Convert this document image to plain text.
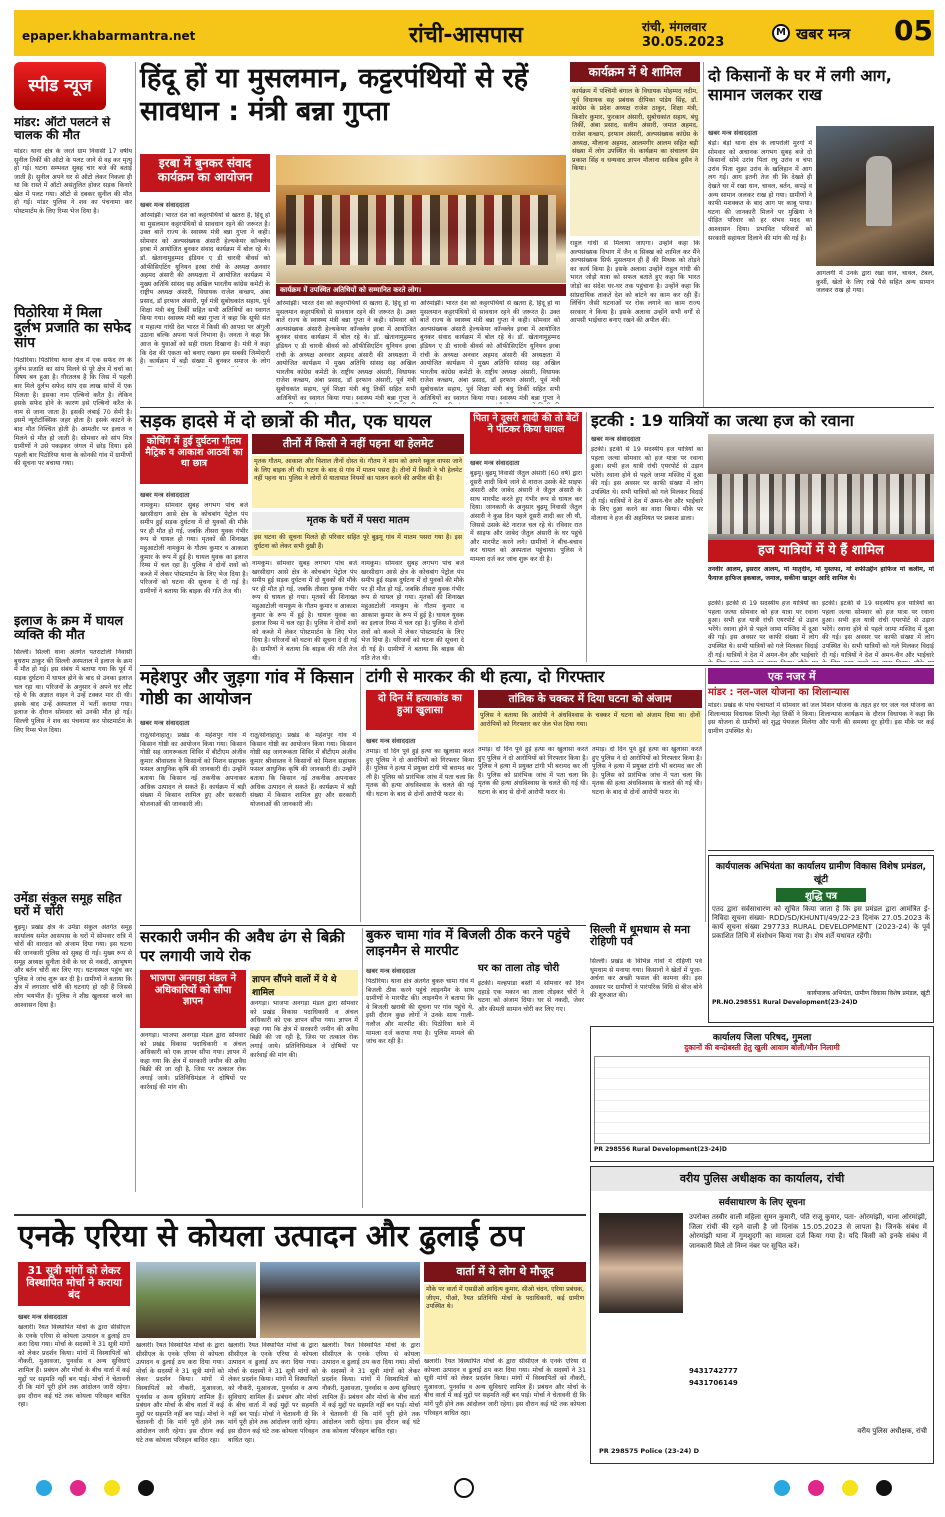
epaper.khabarmantra.net	रांची-आसपास	रांची, मंगलवार
30.05.2023
M खबर मन्त्र 05
स्पीड न्यूज
मांडर: ऑटो पलटने से चालक की मौत
मांडर। थाना क्षेत्र के जरते ग्राम निवासी 17 वर्षीय सुनील तिर्की की ऑटो के पलट जाने से वह कर मृत्यु हो गई। घटना सम्भवत सुबह चार बजे की बताई जाती है। सुनील अपने घर से ऑटो लेकर निकला ही था कि रास्ते में ऑटो असंतुलित होकर सड़क किनारे खेत में पलट गया। ऑटो से दबकर सुनील की मौत हो गई। मांडर पुलिस ने शव का पंचनामा कर पोस्टमार्टम के लिए रिम्स भेज दिया है।
पिठोरिया में मिला दुर्लभ प्रजाति का सफेद सांप
पिठोरिया। पिठोरिया थाना क्षेत्र में एक सफेद रंग के दुर्लभ प्रजाति का सांप मिलने से पूरे क्षेत्र में चर्चा का विषय बन हुआ है। गौरतलब है कि जिस में पहली बार मिले दुर्लभ सफेद सांप दस लाख सांपों में एक मिलता है। इसका नाम एल्बिनो करैत है। लेकिन इसके सफेद होने के कारण इसे एल्बिनो करैत के नाम से जाना जाता है। इसकी लंबाई 70 सेमी है। इसमें न्यूरोटॉक्सिक जहर होता है। इसके काटने के बाद मौत निश्चित होती है। आमतौर पर इलाज न मिलने से मौत हो जाती है। सोमवार को सांप मित्र ग्रामीणों ने उसे पकड़कर जंगल में छोड़ दिया। इसे पहली बार पिठोरिया थाना के कोनकी गांव में ग्रामीणों की सूचना पर बचाया गया।
इलाज के क्रम में घायल व्यक्ति की मौत
सिल्ली। सिल्ली थाना अंतर्गत पतराटोली निवासी बुधराम ठाकुर की सिल्ली अस्पताल में इलाज के क्रम में मौत हो गई। इस संबंध में बताया गया कि पूर्व में सड़क दुर्घटना में घायल होने के बाद से उनका इलाज चल रहा था। परिजनों के अनुसार वे अपने घर लौट रहे थे कि अज्ञात वाहन ने उन्हें टक्कर मार दी थी। इसके बाद उन्हें अस्पताल में भर्ती कराया गया। इलाज के दौरान सोमवार को उनकी मौत हो गई। सिल्ली पुलिस ने शव का पंचनामा कर पोस्टमार्टम के लिए रिम्स भेज दिया।
उमेंडा संकुल समूह सहित घरों में चोरी
बुढ़मू। प्रखंड क्षेत्र के उमेंडा संकुल अंतर्गत समूह कार्यालय समेत आसपास के घरों में सोमवार रात्रि में चोरों की वारदात को अंजाम दिया गया। इस घटना की जानकारी पुलिस को सुबह दी गई। मुख्य रूप से समूह अध्यक्ष सुनीता देवी के घर से नकदी, आभूषण और बर्तन चोरी कर लिए गए। घटनास्थल पहुंच कर पुलिस ने जांच शुरू कर दी है। ग्रामीणों ने बताया कि क्षेत्र में लगातार चोरी की घटनाएं हो रही हैं जिससे लोग भयभीत हैं। पुलिस ने शीघ्र खुलासा करने का आश्वासन दिया है।
हिंदू हों या मुसलमान, कट्टरपंथियों से रहें सावधान : मंत्री बन्ना गुप्ता
इरबा में बुनकर संवाद कार्यक्रम का आयोजन
खबर मन्त्र संवाददाता
ओरमांझी। भारत देश को कट्टरपंथियों से खतरा है, हिंदू हो या मुसलमान कट्टरपंथियों से सावधान रहने की जरूरत है। उक्त बातें राज्य के स्वास्थ्य मंत्री बन्ना गुप्ता ने कही। सोमवार को अल्पसंख्यक अंसारी हेल्थकेयर कॉन्क्लेव इरबा में आयोजित बुनकर संवाद कार्यक्रम में बोल रहे थे। डॉ. खेतानामुहम्मद इंडियन ए डी चारवी बीवर्स को ऑफीसिएटिंग यूनियन इरबा रांची के अध्यक्ष अनवार अहमद अंसारी की अध्यक्षता में आयोजित कार्यक्रम में मुख्य अतिथि सांसद सह अखिल भारतीय कांग्रेस कमेटी के राष्ट्रीय अध्यक्ष अंसारी, विधायक राजेश कच्छप, अंबा प्रसाद, डॉ इरफान अंसारी, पूर्व मंत्री सुबोधकांत सहाय, पूर्व शिक्षा मंत्री बंधु तिर्की सहित सभी अतिथियों का स्वागत किया गया। स्वास्थ्य मंत्री बन्ना गुप्ता ने कहा कि सूफी संत व महात्मा गांधी देश भारत में किसी की आपदा पर अंगुली उठाना बल्कि अपना फर्ज निभाना है। जनता ने कहा कि आज के युवाओं को सही रास्ता दिखाना है। मंत्री ने कहा कि देश की एकता को बनाए रखना हम सबकी जिम्मेदारी है। कार्यक्रम में बड़ी संख्या में बुनकर समाज के लोग
कार्यक्रम में उपस्थित अतिथियों को सम्मानित करते लोग।
ओरमांझी। भारत देश को कट्टरपंथियों से खतरा है, हिंदू हो या मुसलमान कट्टरपंथियों से सावधान रहने की जरूरत है। उक्त बातें राज्य के स्वास्थ्य मंत्री बन्ना गुप्ता ने कही। सोमवार को अल्पसंख्यक अंसारी हेल्थकेयर कॉन्क्लेव इरबा में आयोजित बुनकर संवाद कार्यक्रम में बोल रहे थे। डॉ. खेतानामुहम्मद इंडियन ए डी चारवी बीवर्स को ऑफीसिएटिंग यूनियन इरबा रांची के अध्यक्ष अनवार अहमद अंसारी की अध्यक्षता में आयोजित कार्यक्रम में मुख्य अतिथि सांसद सह अखिल भारतीय कांग्रेस कमेटी के राष्ट्रीय अध्यक्ष अंसारी, विधायक राजेश कच्छप, अंबा प्रसाद, डॉ इरफान अंसारी, पूर्व मंत्री सुबोधकांत सहाय, पूर्व शिक्षा मंत्री बंधु तिर्की सहित सभी अतिथियों का स्वागत किया गया। स्वास्थ्य मंत्री बन्ना गुप्ता ने
ओरमांझी। भारत देश को कट्टरपंथियों से खतरा है, हिंदू हो या मुसलमान कट्टरपंथियों से सावधान रहने की जरूरत है। उक्त बातें राज्य के स्वास्थ्य मंत्री बन्ना गुप्ता ने कही। सोमवार को अल्पसंख्यक अंसारी हेल्थकेयर कॉन्क्लेव इरबा में आयोजित बुनकर संवाद कार्यक्रम में बोल रहे थे। डॉ. खेतानामुहम्मद इंडियन ए डी चारवी बीवर्स को ऑफीसिएटिंग यूनियन इरबा रांची के अध्यक्ष अनवार अहमद अंसारी की अध्यक्षता में आयोजित कार्यक्रम में मुख्य अतिथि सांसद सह अखिल भारतीय कांग्रेस कमेटी के राष्ट्रीय अध्यक्ष अंसारी, विधायक राजेश कच्छप, अंबा प्रसाद, डॉ इरफान अंसारी, पूर्व मंत्री सुबोधकांत सहाय, पूर्व शिक्षा मंत्री बंधु तिर्की सहित सभी अतिथियों का स्वागत किया गया। स्वास्थ्य मंत्री बन्ना गुप्ता ने
कार्यक्रम में थे शामिल
कार्यक्रम में पश्चिमी बंगाल के विधायक मोहम्मद नदीम, पूर्व विधायक सह प्रबंधक दीपिका पांडेय सिंह, डॉ. कांग्रेस के प्रदेश अध्यक्ष राजेश ठाकुर, शिक्षा मंत्री, किशोर कुमार, फुरकान अंसारी, सुबोधकांत सहाय, बंधु तिर्की, अंबा प्रसाद, सलीम अंसारी, जमात अहमद, राजेश कच्छप, इरफान अंसारी, अल्पसंख्यक कांग्रेस के अध्यक्ष, मौलाना अहमद, आलमगीर आलम सहित बड़ी संख्या में लोग उपस्थित थे। कार्यक्रम का संचालन प्रेम प्रकाश सिंह व धन्यवाद ज्ञापन मौलाना साकिब हुसैन ने किया।
राहुल गांधी से मिलाया जाएगा। उन्होंने कहा कि अल्पसंख्यक विभाग में जैन व सिक्ख को शामिल कर मैंने अल्पसंख्यक सिर्फ मुसलमान ही हैं की मिथक को तोड़ने का कार्य किया है। इसके अलावा उन्होंने राहुल गांधी की भारत जोड़ो यात्रा को सफल बताते हुए कहा कि भारत जोड़ो का संदेश घर-घर तक पहुंचाना है। उन्होंने कहा कि सांप्रदायिक ताकतें देश को बांटने का काम कर रही हैं। लिंचिंग जैसी घटनाओं पर रोक लगाने का काम राज्य सरकार ने किया है। इसके अलावा उन्होंने सभी वर्गों से आपसी भाईचारा बनाए रखने की अपील की।
दो किसानों के घर में लगी आग, सामान जलकर राख
खबर मन्त्र संवाददाता
बेड़ो। बेड़ो थाना क्षेत्र के लापरोली मुरगो में सोमवार को अचानक लगभग सुबह बजे दो किसानों सोमे उरांव पिता रघु उरांव व चंपा उरांव पिता शुक्रा उरांव के खलिहान में आग लग गई। आग इतनी तेज थी कि देखते ही देखते घर में रखा धान, चावल, बर्तन, कपड़े व अन्य सामान जलकर राख हो गया। ग्रामीणों ने काफी मशक्कत के बाद आग पर काबू पाया। घटना की जानकारी मिलने पर मुखिया ने पीड़ित परिवार को हर संभव मदद का आश्वासन दिया। प्रभावित परिवारों को सरकारी सहायता दिलाने की मांग की गई है।
आगलगी में उनके द्वारा रखा धान, चावल, टेबल, कुर्सी, खेतो के लिए रखे पैसे सहित अन्य सामान जलकर राख हो गया।
सड़क हादसे में दो छात्रों की मौत, एक घायल
कोचिंग में हुई दुर्घटना गौतम मैट्रिक व आकाश आठवीं का था छात्र
खबर मन्त्र संवाददाता
नामकुम। सोमवार सुबह लगभग पांच बजे खरसीदाग आसे क्षेत्र के कोचबांग पेट्रोल पंप समीप हुई सड़क दुर्घटना में दो युवकों की मौके पर ही मौत हो गई, जबकि तीसरा युवक गंभीर रूप से घायल हो गया। मृतकों की शिनाख्त महुआटोली नामकुम के गौतम कुमार व आकाश कुमार के रूप में हुई है। घायल युवक का इलाज रिम्स में चल रहा है। पुलिस ने दोनों शवों को कब्जे में लेकर पोस्टमार्टम के लिए भेज दिया है। परिजनों को घटना की सूचना दे दी गई है। ग्रामीणों ने बताया कि बाइक की गति तेज थी।
तीनों में किसी ने नहीं पहना था हेलमेट
मृतक गौतम, आकाश और विशाल तीनों दोस्त थे। गौतम ने शाम को अपने स्कूल वापस जाने के लिए बाइक ली थी। घटना के बाद से गांव में मातम पसरा है। तीनों में किसी ने भी हेलमेट नहीं पहना था। पुलिस ने लोगों से यातायात नियमों का पालन करने की अपील की है।
मृतक के घरों में पसरा मातम
इस घटना की सूचना मिलते ही परिवार सहित पूरे बुढ़मू गांव में मातम पसरा गया है। इस दुर्घटना को लेकर सभी दुखी हैं।
नामकुम। सोमवार सुबह लगभग पांच बजे खरसीदाग आसे क्षेत्र के कोचबांग पेट्रोल पंप समीप हुई सड़क दुर्घटना में दो युवकों की मौके पर ही मौत हो गई, जबकि तीसरा युवक गंभीर रूप से घायल हो गया। मृतकों की शिनाख्त महुआटोली नामकुम के गौतम कुमार व आकाश कुमार के रूप में हुई है। घायल युवक का इलाज रिम्स में चल रहा है। पुलिस ने दोनों शवों को कब्जे में लेकर पोस्टमार्टम के लिए भेज दिया है। परिजनों को घटना की सूचना दे दी गई है। ग्रामीणों ने बताया कि बाइक की गति तेज थी।
नामकुम। सोमवार सुबह लगभग पांच बजे खरसीदाग आसे क्षेत्र के कोचबांग पेट्रोल पंप समीप हुई सड़क दुर्घटना में दो युवकों की मौके पर ही मौत हो गई, जबकि तीसरा युवक गंभीर रूप से घायल हो गया। मृतकों की शिनाख्त महुआटोली नामकुम के गौतम कुमार व आकाश कुमार के रूप में हुई है। घायल युवक का इलाज रिम्स में चल रहा है। पुलिस ने दोनों शवों को कब्जे में लेकर पोस्टमार्टम के लिए भेज दिया है। परिजनों को घटना की सूचना दे दी गई है। ग्रामीणों ने बताया कि बाइक की गति तेज थी।
पिता ने दूसरी शादी की तो बेटों ने पीटकर किया घायल
खबर मन्त्र संवाददाता
बुढ़मू। बुढ़मू निवासी जैतुल अंसारी (60 वर्ष) द्वारा दूसरी शादी किये जाने से नाराज उसके बेटे साइफ अंसारी और जाबेद अंसारी ने जैतुल अंसारी के साथ मारपीट करते हुए गंभीर रूप से घायल कर दिया। जानकारी के अनुसार बुढ़मू निवासी जैतुल अंसारी ने कुछ दिन पहले दूसरी शादी कर ली थी, जिससे उसके बेटे नाराज चल रहे थे। रविवार रात में साइफ और जाबेद जैतुल अंसारी के घर पहुंचे और मारपीट करने लगे। ग्रामीणों ने बीच-बचाव कर घायल को अस्पताल पहुंचाया। पुलिस ने मामला दर्ज कर जांच शुरू कर दी है।
इटकी : 19 यात्रियों का जत्था हज को रवाना
खबर मन्त्र संवाददाता
इटकी। इटकी से 19 सदस्यीय हज यात्रियों का पहला जत्था सोमवार को हज यात्रा पर रवाना हुआ। सभी हज यात्री रांची एयरपोर्ट से उड़ान भरेंगे। रवाना होने से पहले जामा मस्जिद में दुआ की गई। इस अवसर पर काफी संख्या में लोग उपस्थित थे। सभी यात्रियों को गले मिलकर विदाई दी गई। यात्रियों ने देश में अमन-चैन और भाईचारे के लिए दुआ करने का वादा किया। मौके पर मौलाना ने हज की अहमियत पर प्रकाश डाला।
हज यात्रियों में ये हैं शामिल
तनवीर आलम, इसरार आलम, मो मातृदीन, मो मुस्तफा, मो शफीउद्दीन हाफिज मो कलीम, मो फैयाज हाफिज इकबाल, जमाल, सकीना खातून आदि शामिल थे।
इटकी। इटकी से 19 सदस्यीय हज यात्रियों का पहला जत्था सोमवार को हज यात्रा पर रवाना हुआ। सभी हज यात्री रांची एयरपोर्ट से उड़ान भरेंगे। रवाना होने से पहले जामा मस्जिद में दुआ की गई। इस अवसर पर काफी संख्या में लोग उपस्थित थे। सभी यात्रियों को गले मिलकर विदाई दी गई। यात्रियों ने देश में अमन-चैन और भाईचारे
इटकी। इटकी से 19 सदस्यीय हज यात्रियों का पहला जत्था सोमवार को हज यात्रा पर रवाना हुआ। सभी हज यात्री रांची एयरपोर्ट से उड़ान भरेंगे। रवाना होने से पहले जामा मस्जिद में दुआ की गई। इस अवसर पर काफी संख्या में लोग उपस्थित थे। सभी यात्रियों को गले मिलकर विदाई दी गई। यात्रियों ने देश में अमन-चैन और भाईचारे
महेशपुर और जुड़गा गांव में किसान गोष्ठी का आयोजन
खबर मन्त्र संवाददाता
रातू/सोनाहातू। प्रखंड के महेशपुर गांव में किसान गोष्ठी का आयोजन किया गया। किसान गोष्ठी सह जागरूकता शिविर में बीटीएम अंजीव कुमार श्रीवास्तव ने किसानों को मिशन सहायक फसल आधुनिक कृषि की जानकारी दी। उन्होंने बताया कि किसान नई तकनीक अपनाकर अधिक उत्पादन ले सकते हैं। कार्यक्रम में बड़ी संख्या में किसान शामिल हुए और सरकारी योजनाओं की जानकारी ली।
रातू/सोनाहातू। प्रखंड के महेशपुर गांव में किसान गोष्ठी का आयोजन किया गया। किसान गोष्ठी सह जागरूकता शिविर में बीटीएम अंजीव कुमार श्रीवास्तव ने किसानों को मिशन सहायक फसल आधुनिक कृषि की जानकारी दी। उन्होंने बताया कि किसान नई तकनीक अपनाकर अधिक उत्पादन ले सकते हैं। कार्यक्रम में बड़ी संख्या में किसान शामिल हुए और सरकारी योजनाओं की जानकारी ली।
टांगी से मारकर की थी हत्या, दो गिरफ्तार
दो दिन में हत्याकांड का हुआ खुलासा
तांत्रिक के चक्कर में दिया घटना को अंजाम
पुलिस ने बताया कि आरोपी ने अंधविश्वास के चक्कर में घटना को अंजाम दिया था। दोनों आरोपियों को गिरफ्तार कर जेल भेज दिया गया।
खबर मन्त्र संवाददाता
तमाड़। दो दिन पूर्व हुई हत्या का खुलासा करते हुए पुलिस ने दो आरोपियों को गिरफ्तार किया है। पुलिस ने हत्या में प्रयुक्त टांगी भी बरामद कर ली है। पुलिस को प्रारंभिक जांच में पता चला कि मृतक की हत्या अंधविश्वास के चलते की गई थी। घटना के बाद से दोनों आरोपी फरार थे।
तमाड़। दो दिन पूर्व हुई हत्या का खुलासा करते हुए पुलिस ने दो आरोपियों को गिरफ्तार किया है। पुलिस ने हत्या में प्रयुक्त टांगी भी बरामद कर ली है। पुलिस को प्रारंभिक जांच में पता चला कि मृतक की हत्या अंधविश्वास के चलते की गई थी। घटना के बाद से दोनों आरोपी फरार थे।
तमाड़। दो दिन पूर्व हुई हत्या का खुलासा करते हुए पुलिस ने दो आरोपियों को गिरफ्तार किया है। पुलिस ने हत्या में प्रयुक्त टांगी भी बरामद कर ली है। पुलिस को प्रारंभिक जांच में पता चला कि मृतक की हत्या अंधविश्वास के चलते की गई थी। घटना के बाद से दोनों आरोपी फरार थे।
एक नजर में
मांडर : नल-जल योजना का शिलान्यास
मांडर। प्रखंड के पांच पंचायतों में सोमवार को जल मिशन योजना के तहत हर घर जल नल योजना का शिलान्यास विधायक शिल्पी नेहा तिर्की ने किया। शिलान्यास कार्यक्रम के दौरान विधायक ने कहा कि इस योजना से ग्रामीणों को शुद्ध पेयजल मिलेगा और पानी की समस्या दूर होगी। इस मौके पर कई ग्रामीण उपस्थित थे।
सिल्ली में धूमधाम से मना रोहिणी पर्व
सिल्ली। प्रखंड के विभिन्न गांवों में रोहिणी पर्व धूमधाम से मनाया गया। किसानों ने खेतों में पूजा-अर्चना कर अच्छी फसल की कामना की। इस अवसर पर ग्रामीणों ने पारंपरिक विधि से बीज बोने की शुरुआत की।
कार्यपालक अभियंता का कार्यालय ग्रामीण विकास विशेष प्रमंडल, खूंटी
शुद्धि पत्र
एतद द्वारा सर्वसाधारण को सूचित किया जाता है कि इस प्रमंडल द्वारा आमंत्रित ई-निविदा सूचना संख्या- RDD/SD/KHUNTI/49/22-23 दिनांक 27.05.2023 के कार्य सूचना संख्या 297733 RURAL DEVELOPMENT (2023-24) के पूर्व प्रकाशित तिथि में संशोधन किया गया है। शेष शर्तें यथावत रहेंगी।
कार्यपालक अभियंता, ग्रामीण विकास विशेष प्रमंडल, खूंटी
PR.NO.298551 Rural Development(23-24)D
सरकारी जमीन की अवैध ढंग से बिक्री पर लगायी जाये रोक
भाजपा अनगड़ा मंडल ने अधिकारियों को सौंपा ज्ञापन
ज्ञापन सौंपने वालों में ये थे शामिल
अनगड़ा। भाजपा अनगड़ा मंडल द्वारा सोमवार को प्रखंड विकास पदाधिकारी व अंचल अधिकारी को एक ज्ञापन सौंपा गया। ज्ञापन में कहा गया कि क्षेत्र में सरकारी जमीन की अवैध बिक्री की जा रही है, जिस पर तत्काल रोक लगाई जाये। प्रतिनिधिमंडल ने दोषियों पर कार्रवाई की मांग की।
अनगड़ा। भाजपा अनगड़ा मंडल द्वारा सोमवार को प्रखंड विकास पदाधिकारी व अंचल अधिकारी को एक ज्ञापन सौंपा गया। ज्ञापन में कहा गया कि क्षेत्र में सरकारी जमीन की अवैध बिक्री की जा रही है, जिस पर तत्काल रोक लगाई जाये। प्रतिनिधिमंडल ने दोषियों पर कार्रवाई की मांग की।
बुकरु चामा गांव में बिजली ठीक करने पहुंचे लाइनमैन से मारपीट
खबर मन्त्र संवाददाता
पिठोरिया। थाना क्षेत्र अंतर्गत बुकरु चामा गांव में बिजली ठीक करने पहुंचे लाइनमैन के साथ ग्रामीणों ने मारपीट की। लाइनमैन ने बताया कि वे बिजली खराबी की सूचना पर गांव पहुंचे थे, इसी दौरान कुछ लोगों ने उनके साथ गाली-गलौज और मारपीट की। पिठोरिया थाने में मामला दर्ज कराया गया है। पुलिस मामले की जांच कर रही है।
घर का ताला तोड़ चोरी
इटकी। मल्हपाडा बस्ती में सोमवार को दिन दहाड़े एक मकान का ताला तोड़कर चोरों ने घटना को अंजाम दिया। घर से नकदी, जेवर और कीमती सामान चोरी कर लिए गए।
कार्यालय जिला परिषद, गुमला
दुकानों की बन्दोबस्ती हेतु खुली आवाम बोली/मौन निलामी
PR 298556 Rural Development(23-24)D
एनके एरिया से कोयला उत्पादन और ढुलाई ठप
31 सूत्री मांगों को लेकर विस्थापित मोर्चा ने कराया बंद
खबर मन्त्र संवाददाता
खलारी। रैयत विस्थापित मोर्चा के द्वारा सीसीएल के एनके एरिया से कोयला उत्पादन व ढुलाई ठप करा दिया गया। मोर्चा के सदस्यों ने 31 सूत्री मांगों को लेकर प्रदर्शन किया। मांगों में विस्थापितों को नौकरी, मुआवजा, पुनर्वास व अन्य सुविधाएं शामिल हैं। प्रबंधन और मोर्चा के बीच वार्ता में कई मुद्दों पर सहमति नहीं बन पाई। मोर्चा ने चेतावनी दी कि मांगें पूरी होने तक आंदोलन जारी रहेगा। इस दौरान कई घंटे तक कोयला परिवहन बाधित रहा।
वार्ता में ये लोग थे मौजूद
मौके पर वार्ता में एसडीओ आदित्य कुमार, सीओ चंदन, एरिया प्रबंधक, जीएम, पीओ, रैयत प्रतिनिधि मोर्चा के पदाधिकारी, कई ग्रामीण उपस्थित थे।
खलारी। रैयत विस्थापित मोर्चा के द्वारा सीसीएल के एनके एरिया से कोयला उत्पादन व ढुलाई ठप करा दिया गया। मोर्चा के सदस्यों ने 31 सूत्री मांगों को लेकर प्रदर्शन किया। मांगों में विस्थापितों को नौकरी, मुआवजा, पुनर्वास व अन्य सुविधाएं शामिल हैं। प्रबंधन और मोर्चा के बीच वार्ता में कई मुद्दों पर सहमति नहीं बन पाई। मोर्चा ने चेतावनी दी कि मांगें पूरी होने तक आंदोलन जारी रहेगा। इस दौरान कई घंटे तक कोयला परिवहन बाधित रहा।
खलारी। रैयत विस्थापित मोर्चा के द्वारा सीसीएल के एनके एरिया से कोयला उत्पादन व ढुलाई ठप करा दिया गया। मोर्चा के सदस्यों ने 31 सूत्री मांगों को लेकर प्रदर्शन किया। मांगों में विस्थापितों को नौकरी, मुआवजा, पुनर्वास व अन्य सुविधाएं शामिल हैं। प्रबंधन और मोर्चा के बीच वार्ता में कई मुद्दों पर सहमति नहीं बन पाई। मोर्चा ने चेतावनी दी कि मांगें पूरी होने तक आंदोलन जारी रहेगा। इस दौरान कई घंटे तक कोयला परिवहन बाधित रहा।
खलारी। रैयत विस्थापित मोर्चा के द्वारा सीसीएल के एनके एरिया से कोयला उत्पादन व ढुलाई ठप करा दिया गया। मोर्चा के सदस्यों ने 31 सूत्री मांगों को लेकर प्रदर्शन किया। मांगों में विस्थापितों को नौकरी, मुआवजा, पुनर्वास व अन्य सुविधाएं शामिल हैं। प्रबंधन और मोर्चा के बीच वार्ता में कई मुद्दों पर सहमति नहीं बन पाई। मोर्चा ने चेतावनी दी कि मांगें पूरी होने तक आंदोलन जारी रहेगा। इस दौरान कई घंटे तक कोयला परिवहन बाधित रहा।
खलारी। रैयत विस्थापित मोर्चा के द्वारा सीसीएल के एनके एरिया से कोयला उत्पादन व ढुलाई ठप करा दिया गया। मोर्चा के सदस्यों ने 31 सूत्री मांगों को लेकर प्रदर्शन किया। मांगों में विस्थापितों को नौकरी, मुआवजा, पुनर्वास व अन्य सुविधाएं शामिल हैं। प्रबंधन और मोर्चा के बीच वार्ता में कई मुद्दों पर सहमति नहीं बन पाई। मोर्चा ने चेतावनी दी कि मांगें पूरी होने तक आंदोलन जारी रहेगा। इस दौरान कई घंटे तक कोयला परिवहन बाधित रहा।
वरीय पुलिस अधीक्षक का कार्यालय, रांची
सर्वसाधारण के लिए सूचना
उपरोक्त तस्वीर वाली महिला सुमन कुमारी, पति राजू कुमार, पता- ओरमांझी, थाना ओरमांझी, जिला रांची की रहने वाली है जो दिनांक 15.05.2023 से लापता है। जिनके संबंध में ओरमांझी थाना में गुमशुदगी का मामला दर्ज किया गया है। यदि किसी को इनके संबंध में जानकारी मिले तो निम्न नंबर पर सूचित करें।
9431742777
9431706149
वरीय पुलिस अधीक्षक, रांची
PR 298575 Police (23-24) D
